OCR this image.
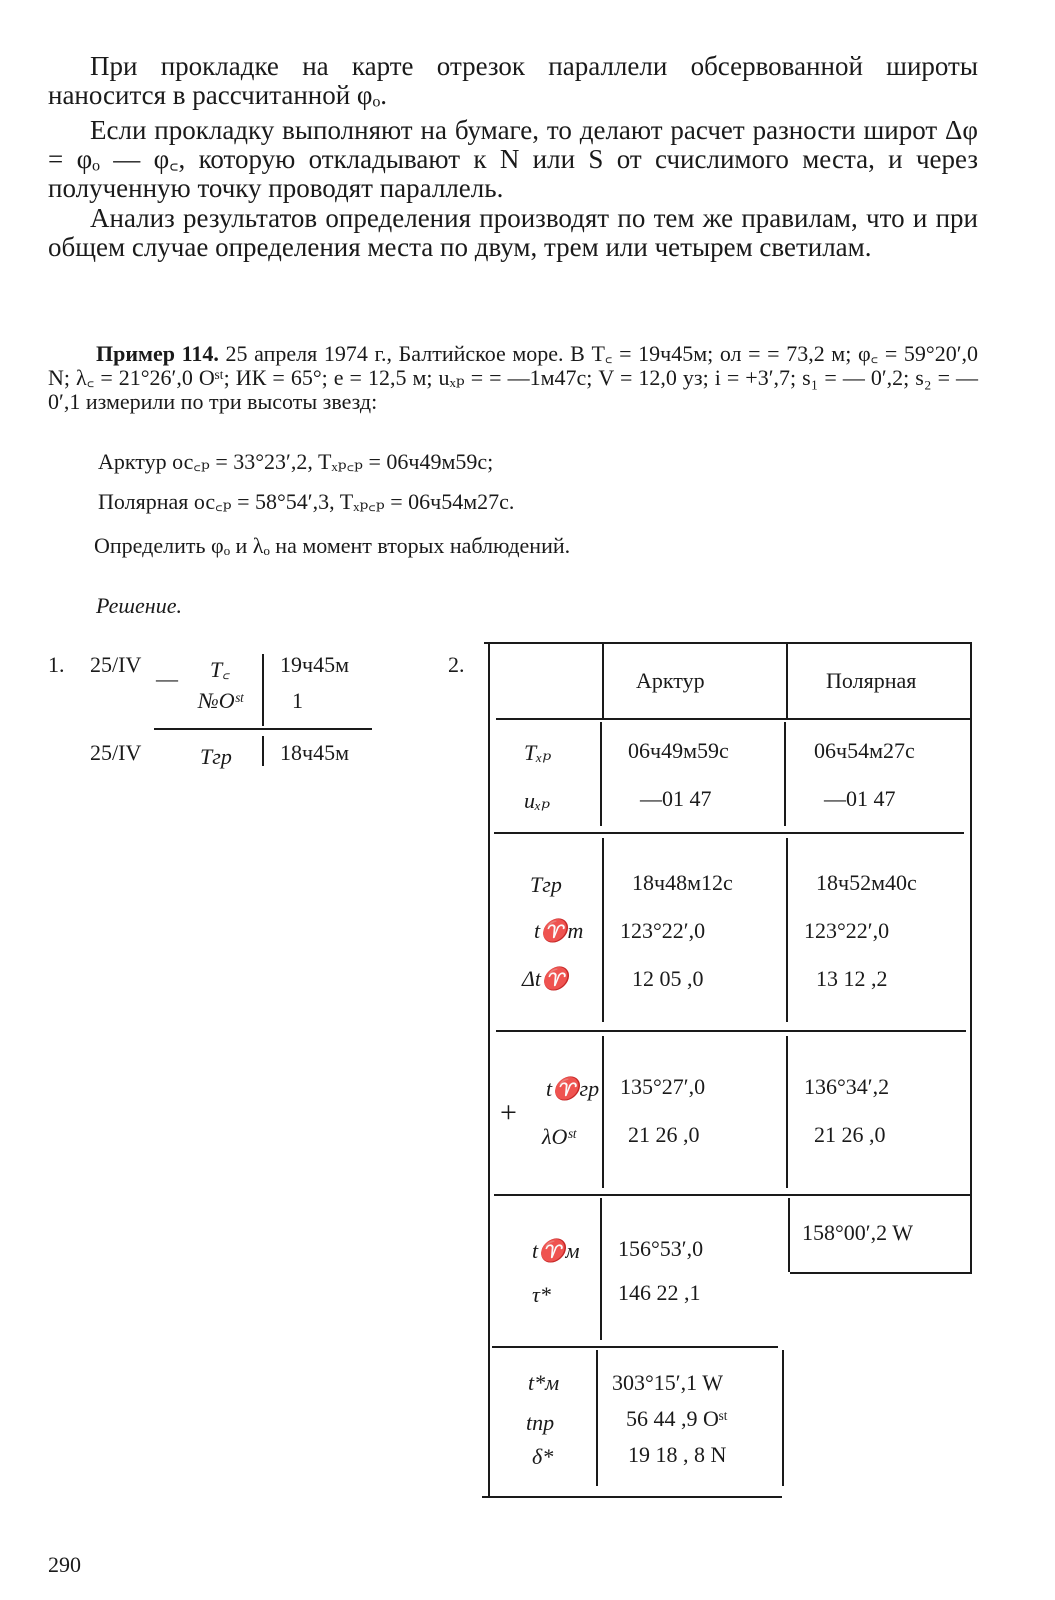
При прокладке на карте отрезок параллели обсервованной широты наносится в рассчитанной φₒ.
Если прокладку выполняют на бумаге, то делают расчет разности широт Δφ = φₒ — φ꜀, которую откладывают к N или S от счислимого места, и через полученную точку проводят параллель.
Анализ результатов определения производят по тем же правилам, что и при общем случае определения места по двум, трем или четырем светилам.
Пример 114. 25 апреля 1974 г., Балтийское море. В T꜀ = 19ч45м; ол = = 73,2 м; φ꜀ = 59°20′,0 N; λ꜀ = 21°26′,0 Oˢᵗ; ИК = 65°; e = 12,5 м; uₓₚ = = —1м47с; V = 12,0 уз; i = +3′,7; s₁ = — 0′,2; s₂ = —0′,1 измерили по три высоты звезд:
Арктур ос꜀ₚ = 33°23′,2, Tₓₚ꜀ₚ = 06ч49м59с;
Полярная ос꜀ₚ = 58°54′,3, Tₓₚ꜀ₚ = 06ч54м27с.
Определить φₒ и λₒ на момент вторых наблюдений.
Решение.
1. 25/IV
— T꜀ 19ч45м
№Oˢᵗ 1
25/IV	Tгр 18ч45м
2.
Арктур	Полярная
Tₓₚ
uₓₚ
06ч49м59с
—01 47
06ч54м27с
—01 47
Tгр
t♈т
Δt♈
18ч48м12с
123°22′,0
12 05 ,0
18ч52м40с
123°22′,0
13 12 ,2
+
t♈гр
λOˢᵗ
135°27′,0
21 26 ,0
136°34′,2
21 26 ,0
t♈м
τ*
156°53′,0
146 22 ,1
158°00′,2 W
t*м
tпр
δ*
303°15′,1 W
56 44 ,9 Oˢᵗ
19 18 , 8 N
290
